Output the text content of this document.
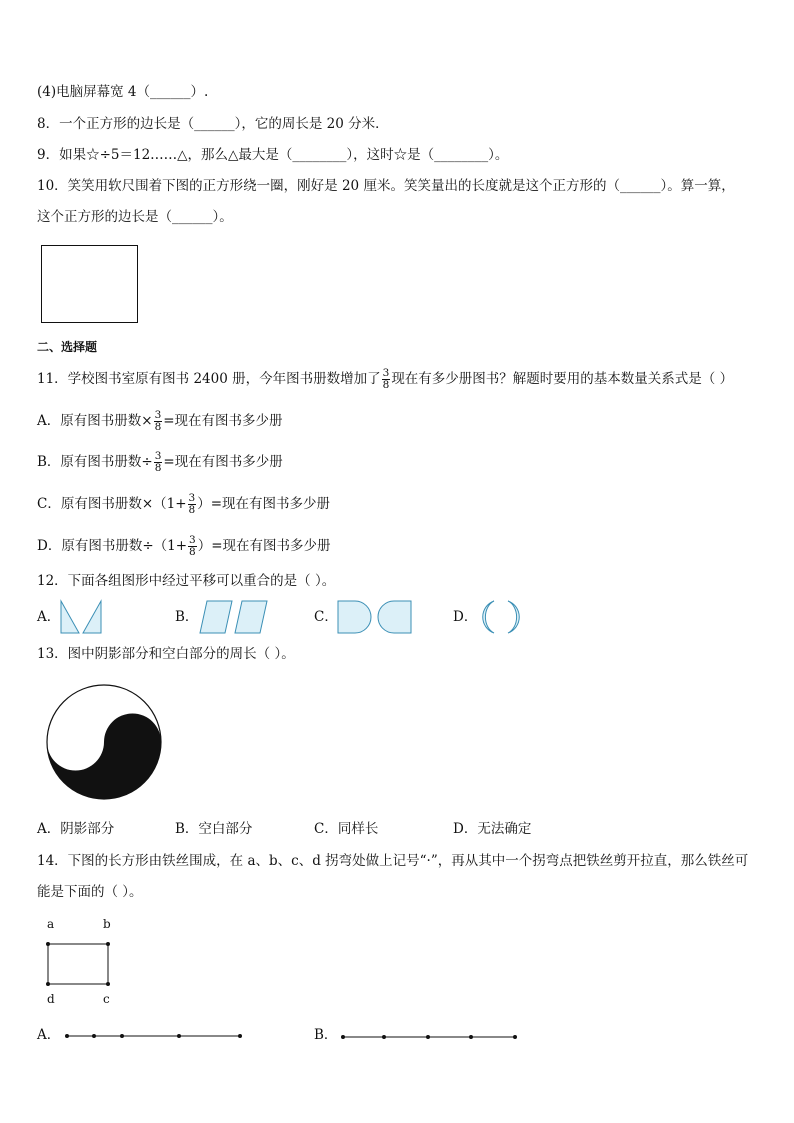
(4)电脑屏幕宽 4（______）.
8．一个正方形的边长是（______），它的周长是 20 分米．
9．如果☆÷5＝12……△，那么△最大是（________），这时☆是（________）。
10．笑笑用软尺围着下图的正方形绕一圈，刚好是 20 厘米。笑笑量出的长度就是这个正方形的（______）。算一算，
这个正方形的边长是（______）。
二、选择题
11．学校图书室原有图书 2400 册，今年图书册数增加了 $\frac{3}{8}$ 现在有多少册图书？解题时要用的基本数量关系式是（ ）
A．原有图书册数× $\frac{3}{8}$ =现在有图书多少册
B．原有图书册数÷ $\frac{3}{8}$ =现在有图书多少册
C．原有图书册数$\times(1+ \frac{3}{8}$ ）=现在有图书多少册
D．原有图书册数$\div(1+ \frac{3}{8}$ ）=现在有图书多少册
12．下面各组图形中经过平移可以重合的是（ ）。
A．	B．	C．	D．
13．图中阴影部分和空白部分的周长（ ）。
A．阴影部分	B．空白部分	C．同样长	D．无法确定
14．下图的长方形由铁丝围成，在 a、b、c、d 拐弯处做上记号“·”，再从其中一个拐弯点把铁丝剪开拉直，那么铁丝可
能是下面的（ ）。
a	b
d	c
A．	B．
